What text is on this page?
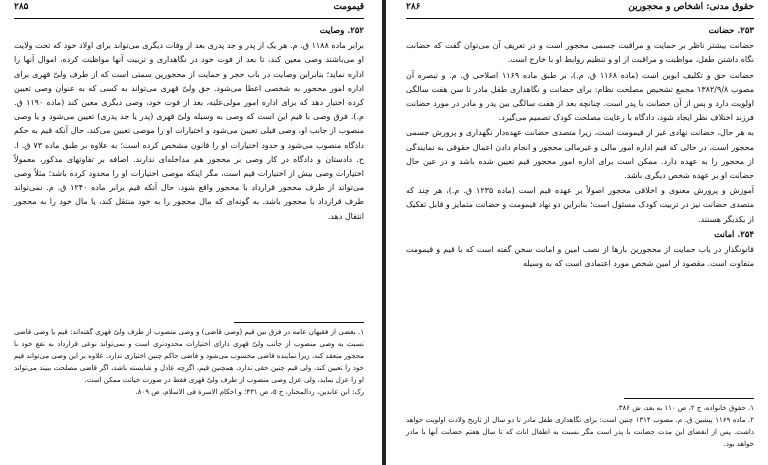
۲۸۵	قیمومت
۲۵۲. وصایت

برابر ماده ۱۱۸۸ ق. م. هر یک از پدر و جد پدری بعد از وفات دیگری می‌تواند برای اولاد خود که تحت ولایت او می‌باشند وصی معین کند، تا بعد از فوت خود در نگاهداری و تربیت آنها مواظبت کرده، اموال آنها را اداره نماید؛ بنابراین وصایت در باب حجر و حمایت از محجورین سمتی است که از طرف ولیّ قهری برای اداره امور محجور به شخصی اعطا می‌شود. حق ولیّ قهری می‌تواند به کسی که به عنوان وصی تعیین کرده اختیار دهد که برای اداره امور مولی‌علیه، بعد از فوت خود، وصی دیگری معین کند (ماده ۱۱۹۰ ق. م.). فرق وصی با قیم این است که وصی به وسیله ولیّ قهری (پدر یا جد پدری) تعیین می‌شود و یا وصی منصوب از جانب او، وصی قیلی تعیین می‌شود و اختیارات او را موصی تعیین می‌کند، حال آنکه قیم به حکم دادگاه منصوب می‌شود و حدود اختیارات او را قانون مشخص کرده است؛ به علاوه بر طبق ماده ۷۳ ق. ا. ح. دادستان و دادگاه در کار وصی بر محجور هم مداخله‌ای ندارند. اضافه بر تفاوتهای مذکور، معمولاً اختیارات وصی بیش از اختیارات قیم است، مگر اینکه موصی اختیارات او را محدود کرده باشد؛ مثلاً وصی می‌تواند از طرف محجور قرارداد با محجور واقع شود، حال آنکه قیم برابر ماده ۱۲۴۰ ق. م. نمی‌تواند طرف قرارداد با محجور باشد، به گونه‌ای که مال محجور را به خود منتقل کند، یا مال خود را به محجور انتقال دهد.

۱. بعضی از فقیهان عامه در فرق بین قیم (وصی قاضی) و وصی منصوب از طرف ولیّ قهری گفته‌اند: قیم یا وصی قاضی نسبت به وصی منصوب از جانب ولیّ قهری دارای اختیارات محدودتری است و نمی‌تواند نوعی قرارداد به نفع خود با محجور منعقد کند، زیرا نماینده قاضی محسوب می‌شود و قاضی حاکم چنین اختیاری ندارد. علاوه بر این وصی می‌تواند قیم خود را تعیین کند، ولی قیم چنین حقی ندارد. همچنین قیم، اگرچه عادل و شایسته باشد، اگر قاضی مصلحت ببیند می‌تواند او را عزل نماید، ولی عزل وصی منصوب از طرف ولیّ قهری فقط در صورت خیانت ممکن است.

رک: ابن عابدین، ردالمحتار، ج ۵، ص ۴۳۱؛ و احکام الاسرة فی الاسلام، ص ۸۰۹.

۲۸۶	حقوق مدنی: اشخاص و محجورین
۲۵۳. حضانت

حضانت بیشتر ناظر بر حمایت و مراقبت جسمی محجور است و در تعریف آن می‌توان گفت که حضانت نگاه داشتن طفل، مواظبت و مراقبت از او و تنظیم روابط او با خارج است.

حضانت حق و تکلیف ابوین است (ماده ۱۱۶۸ ق. م.)، بر طبق ماده ۱۱۶۹ اصلاحی ق. م. و تبصره آن مصوب ۱۳۸۲/۹/۸ مجمع تشخیص مصلحت نظام: برای حضانت و نگاهداری طفل مادر تا سن هفت سالگی اولویت دارد و پس از آن حضانت با پدر است. چنانچه بعد از هفت سالگی بین پدر و مادر در مورد حضانت فرزند اختلاف نظر ایجاد شود، دادگاه با رعایت مصلحت کودک تصمیم می‌گیرد.

به هر حال، حضانت نهادی غیر از قیمومت است، زیرا متصدی حضانت عهده‌دار نگهداری و پرورش جسمی محجور است، در حالی که قیم اداره امور مالی و غیرمالی محجور و انجام دادن اعمال حقوقی به نمایندگی از محجور را به عهده دارد. ممکن است برای اداره امور محجور قیم تعیین شده باشد و در عین حال حضانت او بر عهده شخص دیگری باشد.

آموزش و پرورش معنوی و اخلاقی محجور اصولاً بر عهده قیم است (ماده ۱۲۳۵ ق. م.)، هر چند که متصدی حضانت نیز در تربیت کودک مسئول است؛ بنابراین دو نهاد قیمومت و حضانت متمایز و قابل تفکیک از یکدیگر هستند.

۲۵۴. امانت

قانونگذار در باب حمایت از محجورین بارها از نصب امین و امانت سخن گفته است که با قیم و قیمومت متفاوت است. مقصود از امین شخص مورد اعتمادی است که به وسیله

۱. حقوق خانواده، ج ۲، ص ۱۱۰ به بعد، ش ۳۸۶.

۲. ماده ۱۱۶۹ پیشین ق. م. مصوب ۱۳۱۴ چنین است: برای نگاهداری طفل مادر تا دو سال از تاریخ ولادت اولویت خواهد داشت. پس از انقضای این مدت حضانت با پدر است مگر نسبت به اطفال اناث که تا سال هفتم حضانت آنها با مادر خواهد بود.
